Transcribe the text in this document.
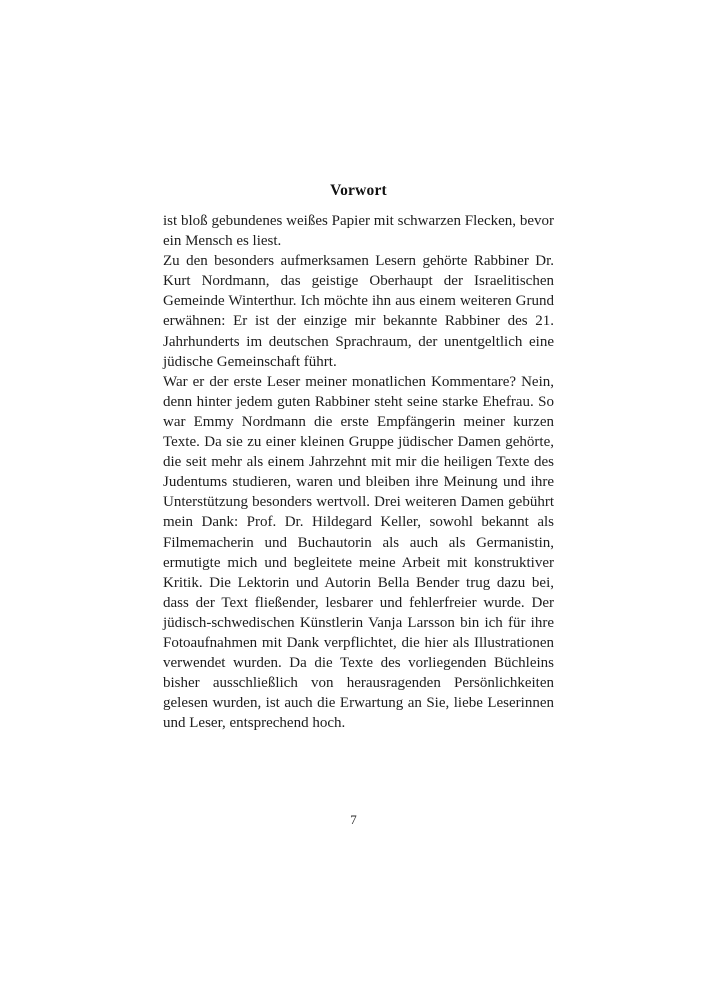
Vorwort

ist bloß gebundenes weißes Papier mit schwarzen Flecken, bevor ein Mensch es liest.

Zu den besonders aufmerksamen Lesern gehörte Rabbiner Dr. Kurt Nordmann, das geistige Oberhaupt der Israelitischen Gemeinde Winterthur. Ich möchte ihn aus einem weiteren Grund erwähnen: Er ist der einzige mir bekannte Rabbiner des 21. Jahrhunderts im deutschen Sprachraum, der unentgeltlich eine jüdische Gemeinschaft führt.

War er der erste Leser meiner monatlichen Kommentare? Nein, denn hinter jedem guten Rabbiner steht seine starke Ehefrau. So war Emmy Nordmann die erste Empfängerin meiner kurzen Texte. Da sie zu einer kleinen Gruppe jüdischer Damen gehörte, die seit mehr als einem Jahrzehnt mit mir die heiligen Texte des Judentums studieren, waren und bleiben ihre Meinung und ihre Unterstützung besonders wertvoll. Drei weiteren Damen gebührt mein Dank: Prof. Dr. Hildegard Keller, sowohl bekannt als Filmemacherin und Buchautorin als auch als Germanistin, ermutigte mich und begleitete meine Arbeit mit konstruktiver Kritik. Die Lektorin und Autorin Bella Bender trug dazu bei, dass der Text fließender, lesbarer und fehlerfreier wurde. Der jüdisch-schwedischen Künstlerin Vanja Larsson bin ich für ihre Fotoaufnahmen mit Dank verpflichtet, die hier als Illustrationen verwendet wurden. Da die Texte des vorliegenden Büchleins bisher ausschließlich von herausragenden Persönlichkeiten gelesen wurden, ist auch die Erwartung an Sie, liebe Leserinnen und Leser, entsprechend hoch.

7
